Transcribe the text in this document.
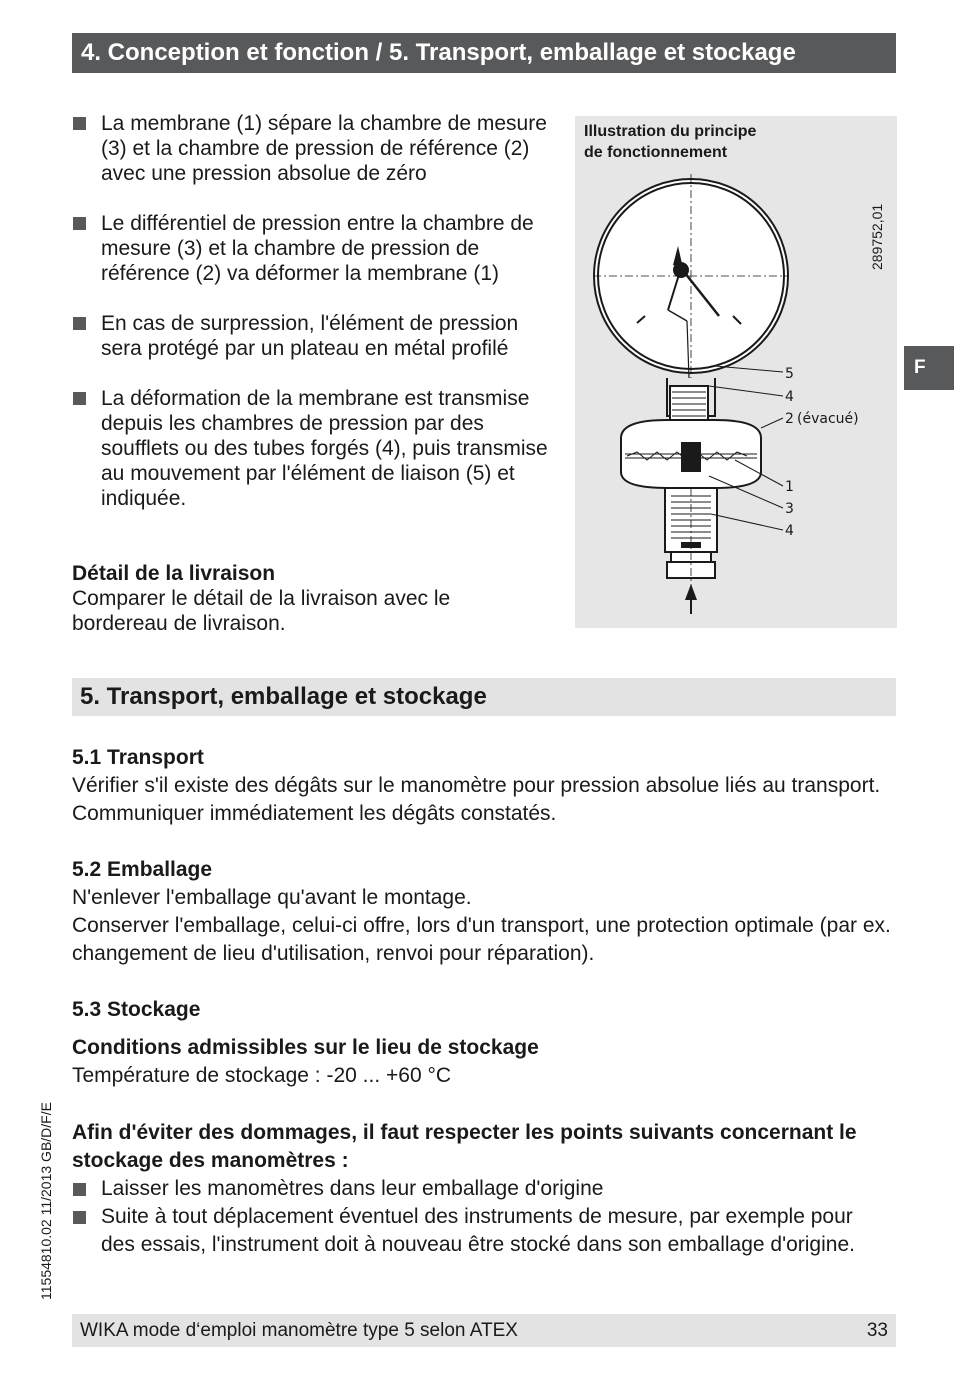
4. Conception et fonction / 5. Transport, emballage et stockage
F
La membrane (1) sépare la chambre de mesure (3) et la chambre de pression de référence (2) avec une pression absolue de zéro
Le différentiel de pression entre la chambre de mesure (3) et la chambre de pression de référence (2) va déformer la membrane (1)
En cas de surpression, l'élément de pression sera protégé par un plateau en métal profilé
La déformation de la membrane est transmise depuis les chambres de pression par des soufflets ou des tubes forgés (4), puis transmise au mouvement par l'élément de liaison (5) et indiquée.
Détail de la livraison
Comparer le détail de la livraison avec le bordereau de livraison.
Illustration du principe
de fonctionnement
5
4
2 (évacué)
1
3
4
289752,01
5. Transport, emballage et stockage
5.1 Transport
Vérifier s'il existe des dégâts sur le manomètre pour pression absolue liés au transport. Communiquer immédiatement les dégâts constatés.
5.2 Emballage
N'enlever l'emballage qu'avant le montage.
Conserver l'emballage, celui-ci offre, lors d'un transport, une protection optimale (par ex. changement de lieu d'utilisation, renvoi pour réparation).
5.3 Stockage
Conditions admissibles sur le lieu de stockage
Température de stockage : -20 ... +60 °C
Afin d'éviter des dommages, il faut respecter les points suivants concernant le stockage des manomètres :
Laisser les manomètres dans leur emballage d'origine
Suite à tout déplacement éventuel des instruments de mesure, par exemple pour des essais, l'instrument doit à nouveau être stocké dans son emballage d'origine.
11554810.02 11/2013 GB/D/F/E
WIKA mode d‘emploi manomètre type 5 selon ATEX	33
